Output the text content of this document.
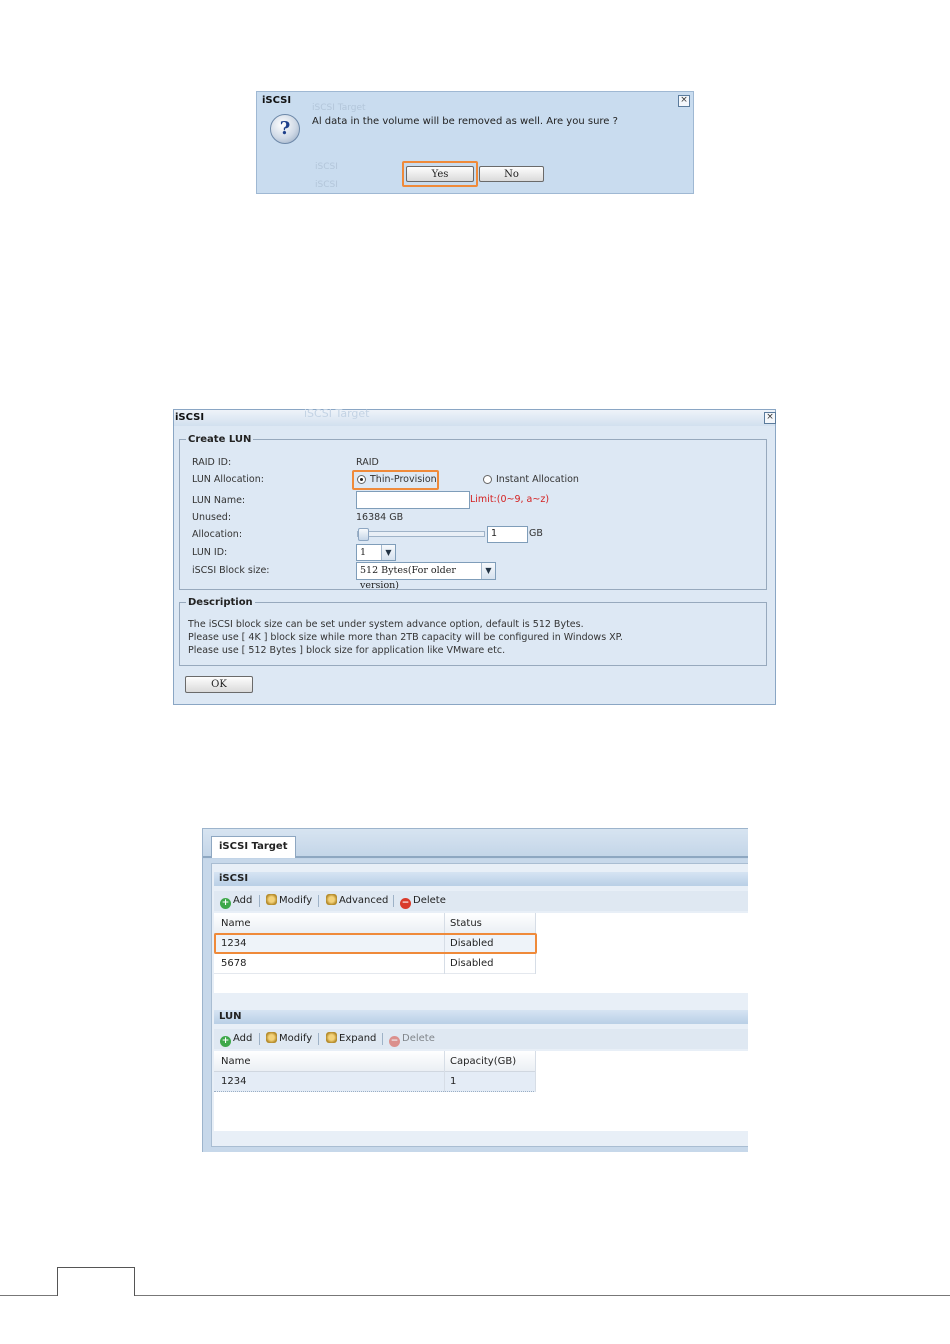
iSCSI Target
iSCSI
iSCSI
iSCSI	×
?	Al data in the volume will be removed as well. Are you sure ?
Yes	No
iSCSI Target
iSCSI	×
Create LUN
RAID ID:	RAID
LUN Allocation:	Thin-Provision	Instant Allocation
LUN Name:	Limit:(0~9, a~z)
Unused:	16384 GB
Allocation:	1	GB
LUN ID:	1	▼
iSCSI Block size:	512 Bytes(For older version)
▼
Description
The iSCSI block size can be set under system advance option, default is 512 Bytes.
Please use [ 4K ] block size while more than 2TB capacity will be configured in Windows XP.
Please use [ 512 Bytes ] block size for application like VMware etc.
OK
iSCSI Target
iSCSI
+ Add	Modify	Advanced − Delete
Name	Status
1234	Disabled
5678	Disabled
LUN
+ Add	Modify	Expand − Delete
Name	Capacity(GB)
1234	1
